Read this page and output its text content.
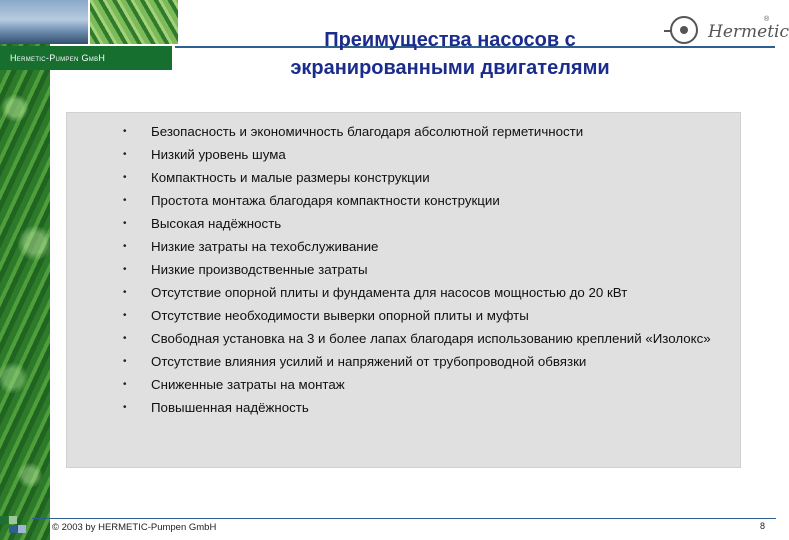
Hermetic-Pumpen GmbH
Преимущества насосов с
экранированными двигателями
Hermetic
®
• Безопасность и экономичность благодаря абсолютной герметичности
• Низкий уровень шума
• Компактность и малые размеры конструкции
• Простота монтажа благодаря компактности конструкции
• Высокая надёжность
• Низкие затраты на техобслуживание
• Низкие производственные затраты
• Отсутствие опорной плиты и фундамента для насосов мощностью до 20 кВт
• Отсутствие необходимости выверки опорной плиты и муфты
• Свободная установка на 3 и более лапах благодаря использованию креплений «Изолокс»
• Отсутствие влияния усилий и напряжений от трубопроводной обвязки
• Сниженные затраты на монтаж
• Повышенная надёжность
© 2003 by HERMETIC-Pumpen GmbH	8
